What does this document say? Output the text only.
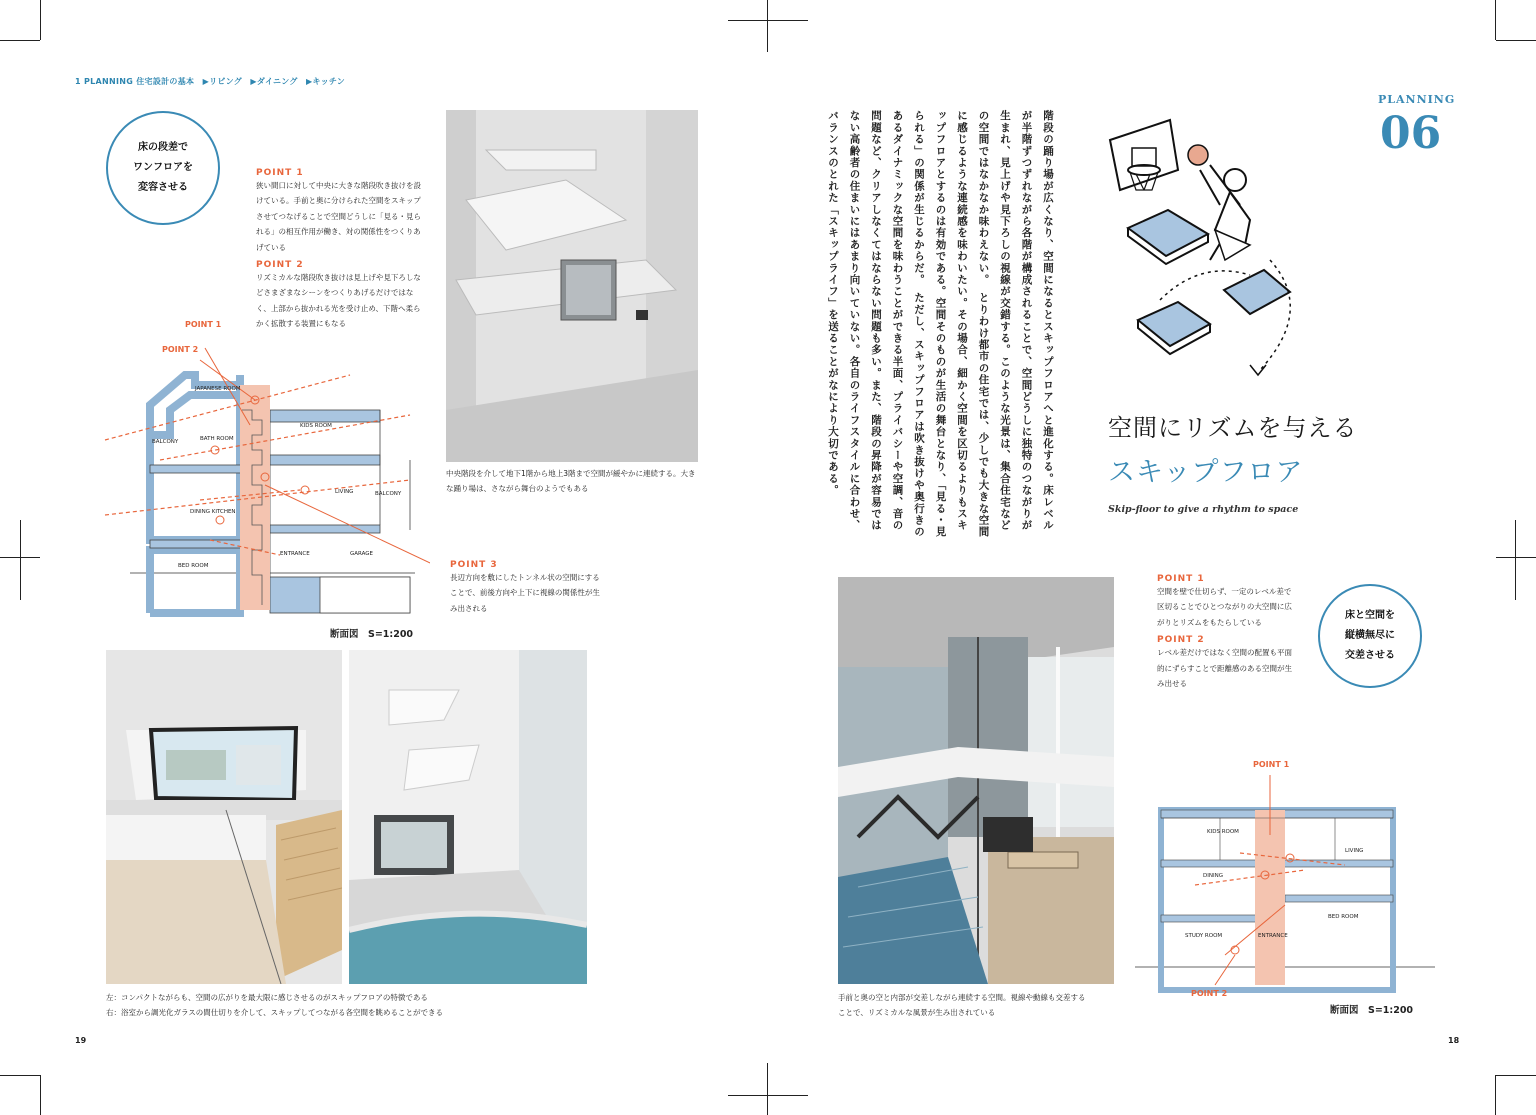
1 PLANNING 住宅設計の基本　▶リビング　▶ダイニング　▶キッチン
床の段差で
ワンフロアを
変容させる
POINT 1
狭い間口に対して中央に大きな階段吹き抜けを設けている。手前と奥に分けられた空間をスキップさせてつなげることで空間どうしに「見る・見られる」の相互作用が働き、対の関係性をつくりあげている
POINT 2
リズミカルな階段吹き抜けは見上げや見下ろしなどさまざまなシーンをつくりあげるだけではなく、上部から抜かれる光を受け止め、下階へ柔らかく拡散する装置にもなる
POINT 1
POINT 2
JAPANESE ROOM
KIDS ROOM
BALCONY	BATH ROOM
LIVING	BALCONY
DINING KITCHEN
ENTRANCE	GARAGE
BED ROOM	POINT 3
長辺方向を敷にしたトンネル状の空間にすることで、前後方向や上下に視線の関係性が生み出される
断面図　S=1:200
中央階段を介して地下1階から地上3階まで空間が緩やかに連続する。大きな踊り場は、さながら舞台のようでもある
左：コンパクトながらも、空間の広がりを最大限に感じさせるのがスキップフロアの特徴である
右：浴室から調光化ガラスの間仕切りを介して、スキップしてつながる各空間を眺めることができる
19
階段の踊り場が広くなり、空間になるとスキップフロアへと進化する。床レベルが半階ずつずれながら各階が構成されることで、空間どうしに独特のつながりが生まれ、見上げや見下ろしの視線が交錯する。このような光景は、集合住宅などの空間ではなかなか味わえない。　とりわけ都市の住宅では、少しでも大きな空間に感じるような連続感を味わいたい。その場合、細かく空間を区切るよりもスキップフロアとするのは有効である。空間そのものが生活の舞台となり、「見る・見られる」の関係が生じるからだ。　ただし、スキップフロアは吹き抜けや奥行きのあるダイナミックな空間を味わうことができる半面、プライバシーや空調、音の問題など、クリアしなくてはならない問題も多い。また、階段の昇降が容易ではない高齢者の住まいにはあまり向いていない。各自のライフスタイルに合わせ、バランスのとれた「スキップライフ」を送ることがなにより大切である。
PLANNING
06
空間にリズムを与える
スキップフロア
Skip-floor to give a rhythm to space
手前と奥の空と内部が交差しながら連続する空間。視線や動線も交差することで、リズミカルな風景が生み出されている
POINT 1
空間を壁で仕切らず、一定のレベル差で区切ることでひとつながりの大空間に広がりとリズムをもたらしている
POINT 2
レベル差だけではなく空間の配置も平面的にずらすことで距離感のある空間が生み出せる
床と空間を
縦横無尽に
交差させる
POINT 1
POINT 2
KIDS ROOM
LIVING
DINING
BED ROOM
STUDY ROOM	ENTRANCE
断面図　S=1:200
18
